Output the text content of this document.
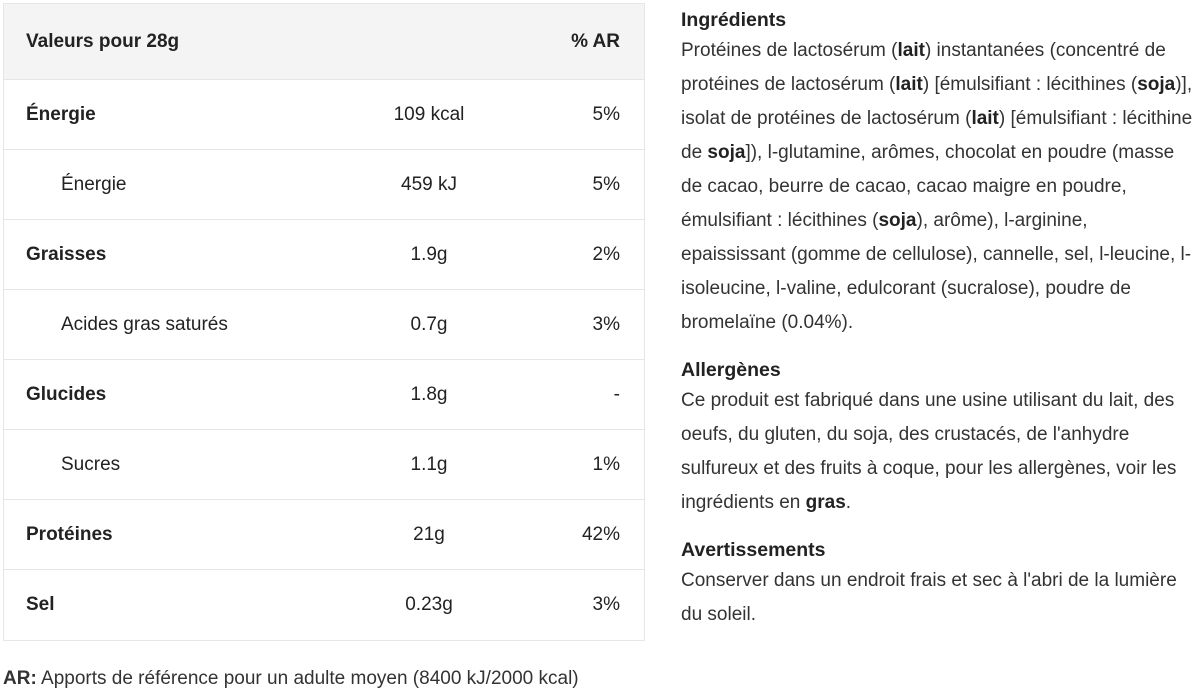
Valeurs pour 28g	% AR
Énergie	109 kcal	5%
Énergie	459 kJ	5%
Graisses	1.9g	2%
Acides gras saturés	0.7g	3%
Glucides	1.8g	-
Sucres	1.1g	1%
Protéines	21g	42%
Sel	0.23g	3%
AR: Apports de référence pour un adulte moyen (8400 kJ/2000 kcal)
Ingrédients

Protéines de lactosérum (lait) instantanées (concentré de protéines de lactosérum (lait) [émulsifiant : lécithines (soja)], isolat de protéines de lactosérum (lait) [émulsifiant : lécithine de soja]), l-glutamine, arômes, chocolat en poudre (masse de cacao, beurre de cacao, cacao maigre en poudre, émulsifiant : lécithines (soja), arôme), l-arginine, epaississant (gomme de cellulose), cannelle, sel, l-leucine, l-isoleucine, l-valine, edulcorant (sucralose), poudre de bromelaïne (0.04%).

Allergènes

Ce produit est fabriqué dans une usine utilisant du lait, des oeufs, du gluten, du soja, des crustacés, de l'anhydre sulfureux et des fruits à coque, pour les allergènes, voir les ingrédients en gras.

Avertissements

Conserver dans un endroit frais et sec à l'abri de la lumière du soleil.
